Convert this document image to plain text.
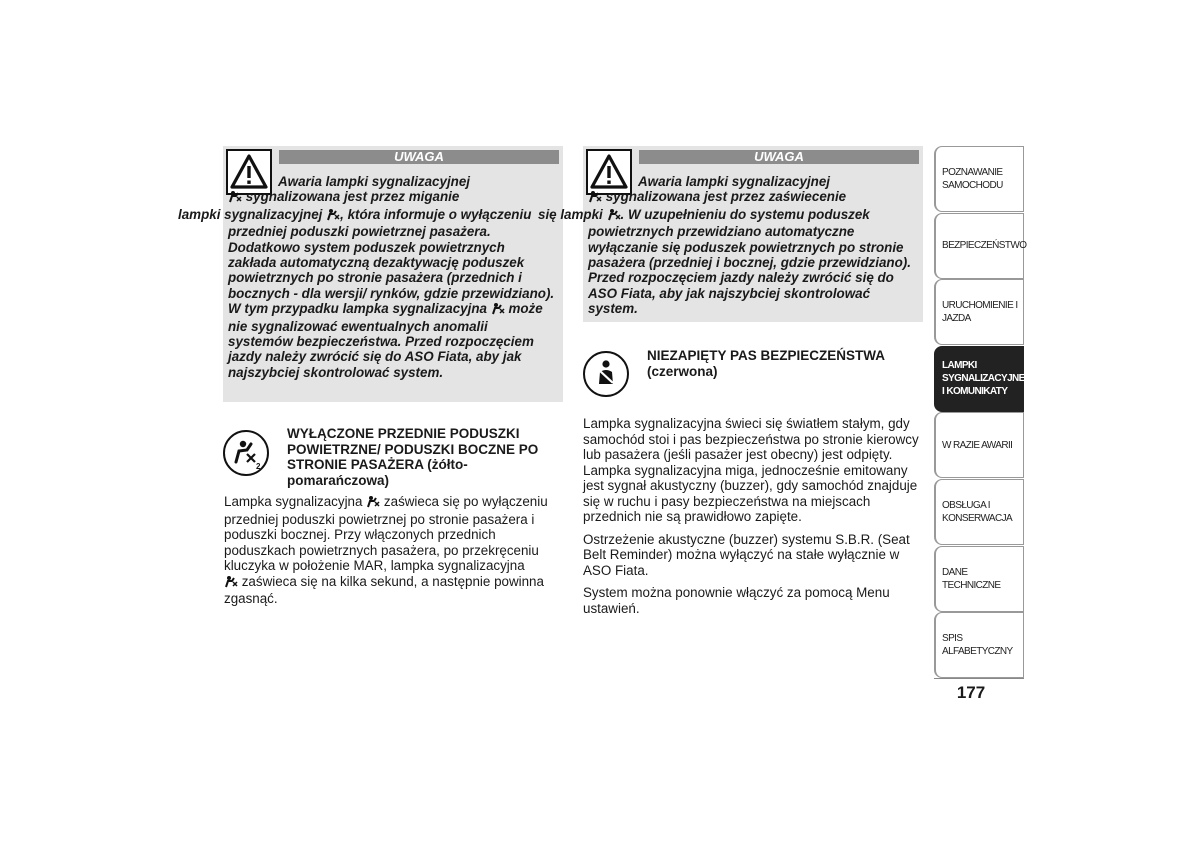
UWAGA
Awaria lampki sygnalizacyjnej
sygnalizowana jest przez miganie
lampki sygnalizacyjnej , która informuje o wyłączeniu przedniej poduszki powietrznej pasażera. Dodatkowo system poduszek powietrznych zakłada automatyczną dezaktywację poduszek powietrznych po stronie pasażera (przednich i bocznych - dla wersji/ rynków, gdzie przewidziano). W tym przypadku lampka sygnalizacyjna może nie sygnalizować ewentualnych anomalii systemów bezpieczeństwa. Przed rozpoczęciem jazdy należy zwrócić się do ASO Fiata, aby jak najszybciej skontrolować system.
UWAGA
Awaria lampki sygnalizacyjnej
sygnalizowana jest przez zaświecenie
się lampki . W uzupełnieniu do systemu poduszek powietrznych przewidziano automatyczne wyłączanie się poduszek powietrznych po stronie pasażera (przedniej i bocznej, gdzie przewidziano). Przed rozpoczęciem jazdy należy zwrócić się do ASO Fiata, aby jak najszybciej skontrolować system.
2
WYŁĄCZONE PRZEDNIE PODUSZKI POWIETRZNE/ PODUSZKI BOCZNE PO STRONIE PASAŻERA (żółto-pomarańczowa)

Lampka sygnalizacyjna zaświeca się po wyłączeniu przedniej poduszki powietrznej po stronie pasażera i poduszki bocznej. Przy włączonych przednich poduszkach powietrznych pasażera, po przekręceniu kluczyka w położenie MAR, lampka sygnalizacyjna
zaświeca się na kilka sekund, a następnie powinna zgasnąć.

NIEZAPIĘTY PAS BEZPIECZEŃSTWA (czerwona)

Lampka sygnalizacyjna świeci się światłem stałym, gdy samochód stoi i pas bezpieczeństwa po stronie kierowcy lub pasażera (jeśli pasażer jest obecny) jest odpięty. Lampka sygnalizacyjna miga, jednocześnie emitowany jest sygnał akustyczny (buzzer), gdy samochód znajduje się w ruchu i pasy bezpieczeństwa na miejscach przednich nie są prawidłowo zapięte.

Ostrzeżenie akustyczne (buzzer) systemu S.B.R. (Seat Belt Reminder) można wyłączyć na stałe wyłącznie w ASO Fiata.

System można ponownie włączyć za pomocą Menu ustawień.

POZNAWANIE SAMOCHODU
BEZPIECZEŃSTWO
URUCHOMIENIE I JAZDA
LAMPKI SYGNALIZACYJNE I KOMUNIKATY
W RAZIE AWARII
OBSŁUGA I KONSERWACJA
DANE TECHNICZNE
SPIS ALFABETYCZNY
177
